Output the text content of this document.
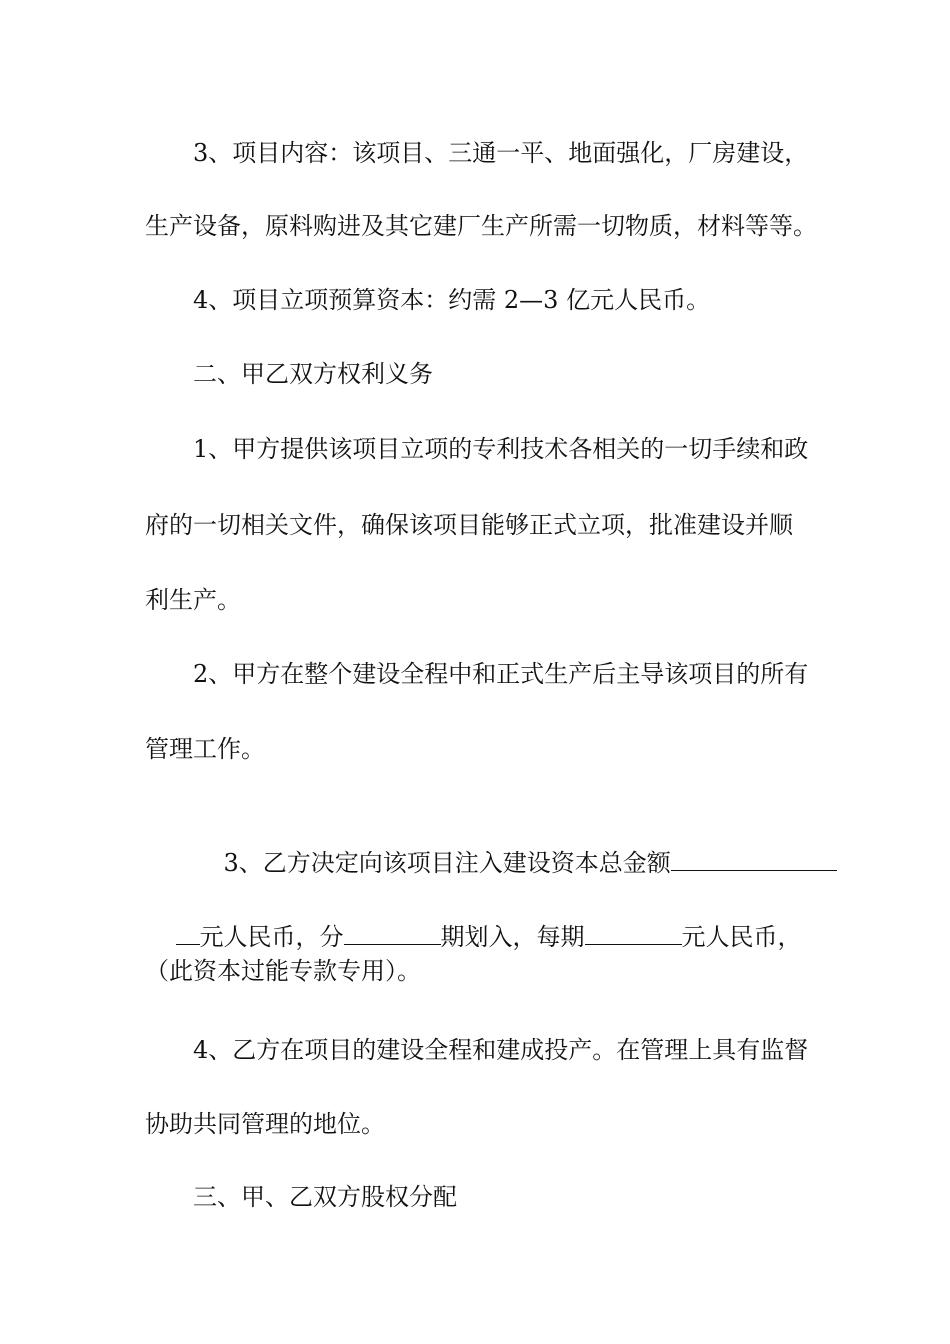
3、项目内容：该项目、三通一平、地面强化，厂房建设，
生产设备，原料购进及其它建厂生产所需一切物质，材料等等。
4、项目立项预算资本：约需 2—3 亿元人民币。
二、甲乙双方权利义务
1、甲方提供该项目立项的专利技术各相关的一切手续和政
府的一切相关文件，确保该项目能够正式立项，批准建设并顺
利生产。
2、甲方在整个建设全程中和正式生产后主导该项目的所有
管理工作。

3、乙方决定向该项目注入建设资本总金额

元人民币，分	期划入，每期	元人民币，

（此资本过能专款专用）。
4、乙方在项目的建设全程和建成投产。在管理上具有监督
协助共同管理的地位。
三、甲、乙双方股权分配
